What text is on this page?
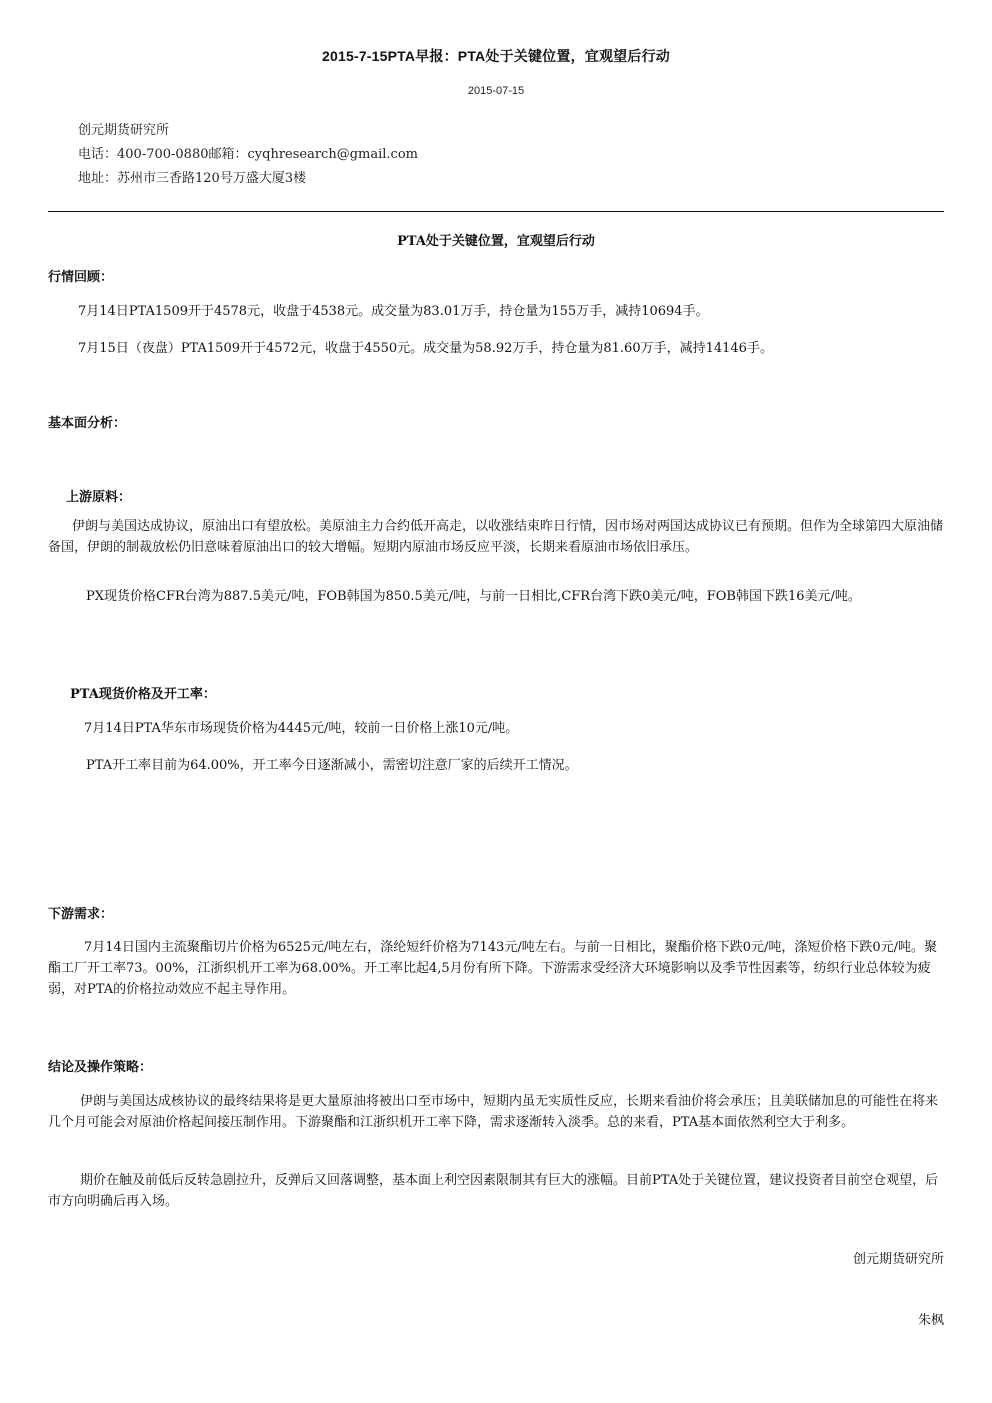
2015-7-15PTA早报：PTA处于关键位置，宜观望后行动
2015-07-15
创元期货研究所
电话：400-700-0880邮箱：cyqhresearch@gmail.com
地址：苏州市三香路120号万盛大厦3楼
PTA处于关键位置，宜观望后行动
行情回顾：
7月14日PTA1509开于4578元，收盘于4538元。成交量为83.01万手，持仓量为155万手，减持10694手。
7月15日（夜盘）PTA1509开于4572元，收盘于4550元。成交量为58.92万手，持仓量为81.60万手，减持14146手。
基本面分析：
上游原料：
伊朗与美国达成协议，原油出口有望放松。美原油主力合约低开高走，以收涨结束昨日行情，因市场对两国达成协议已有预期。但作为全球第四大原油储备国，伊朗的制裁放松仍旧意味着原油出口的较大增幅。短期内原油市场反应平淡，长期来看原油市场依旧承压。
PX现货价格CFR台湾为887.5美元/吨，FOB韩国为850.5美元/吨，与前一日相比,CFR台湾下跌0美元/吨，FOB韩国下跌16美元/吨。
PTA现货价格及开工率：
7月14日PTA华东市场现货价格为4445元/吨，较前一日价格上涨10元/吨。
PTA开工率目前为64.00%，开工率今日逐渐减小，需密切注意厂家的后续开工情况。
下游需求：
7月14日国内主流聚酯切片价格为6525元/吨左右，涤纶短纤价格为7143元/吨左右。与前一日相比，聚酯价格下跌0元/吨，涤短价格下跌0元/吨。聚酯工厂开工率73。00%，江浙织机开工率为68.00%。开工率比起4,5月份有所下降。下游需求受经济大环境影响以及季节性因素等，纺织行业总体较为疲弱，对PTA的价格拉动效应不起主导作用。
结论及操作策略：
伊朗与美国达成核协议的最终结果将是更大量原油将被出口至市场中，短期内虽无实质性反应，长期来看油价将会承压；且美联储加息的可能性在将来几个月可能会对原油价格起间接压制作用。下游聚酯和江浙织机开工率下降，需求逐渐转入淡季。总的来看，PTA基本面依然利空大于利多。
期价在触及前低后反转急剧拉升，反弹后又回落调整，基本面上利空因素限制其有巨大的涨幅。目前PTA处于关键位置，建议投资者目前空仓观望，后市方向明确后再入场。
创元期货研究所
朱枫
